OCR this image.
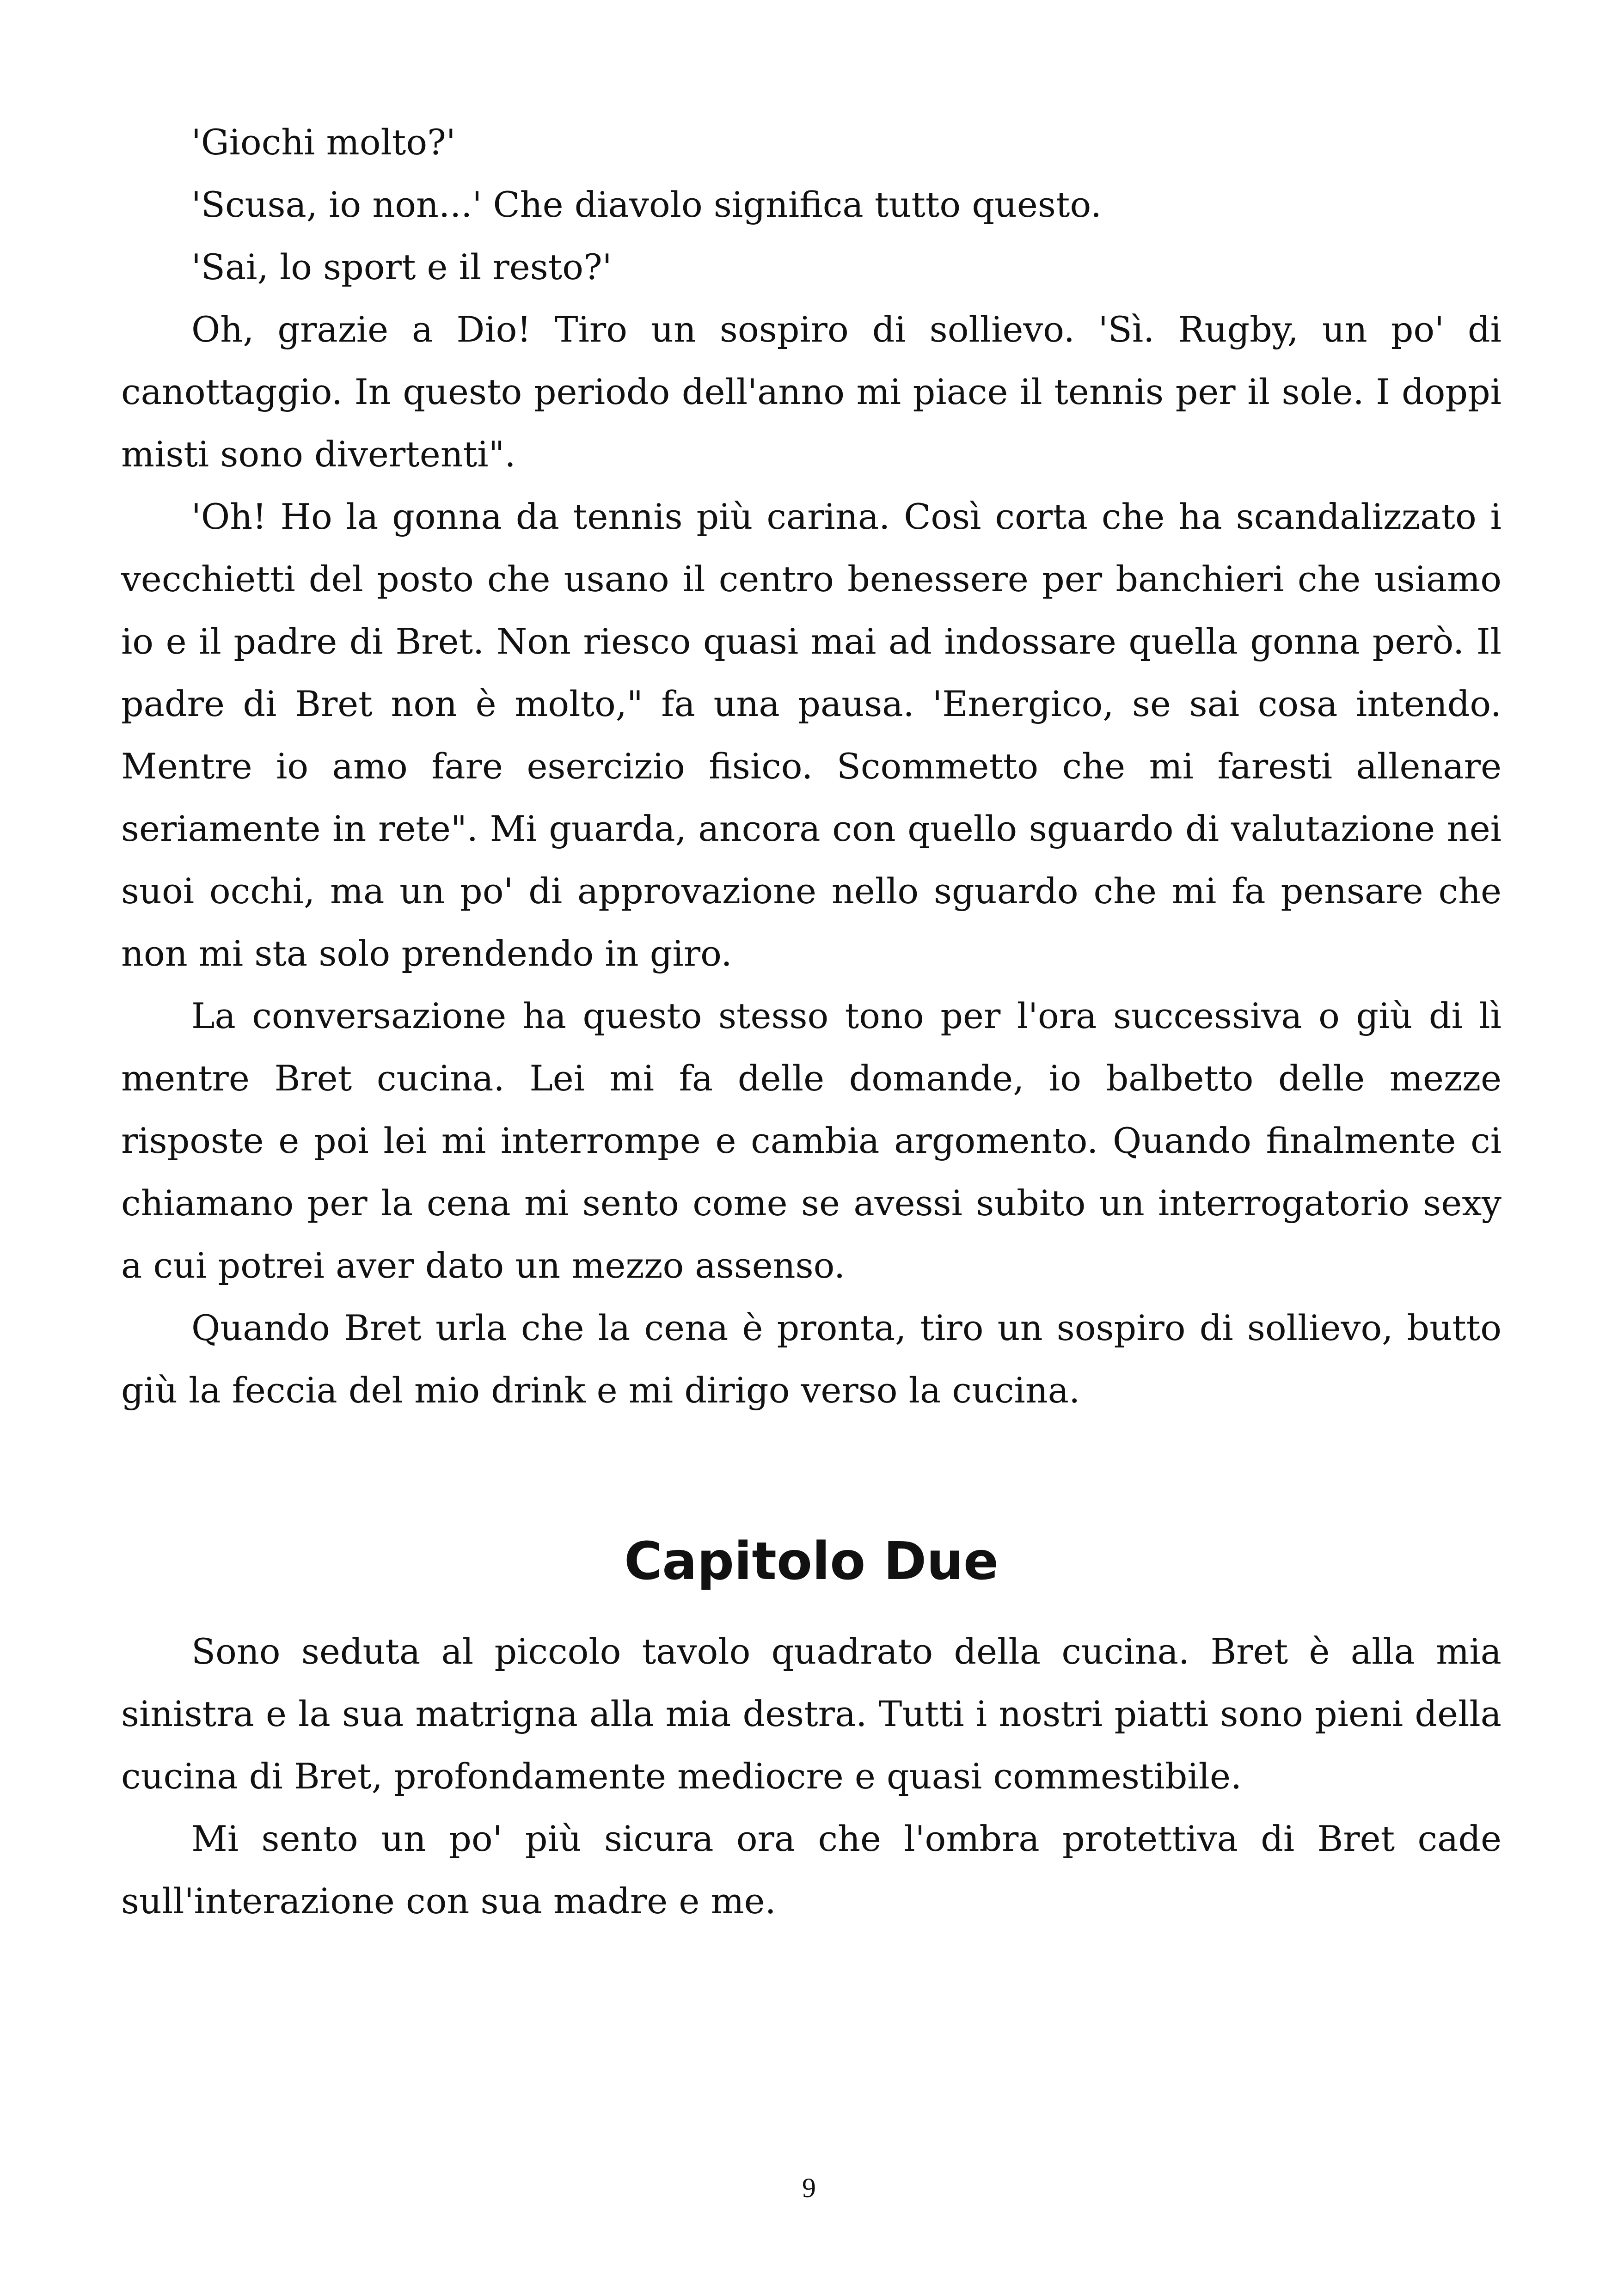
'Giochi molto?'

'Scusa, io non...' Che diavolo significa tutto questo.

'Sai, lo sport e il resto?'

Oh, grazie a Dio! Tiro un sospiro di sollievo. 'Sì. Rugby, un po' di canottaggio. In questo periodo dell'anno mi piace il tennis per il sole. I doppi misti sono divertenti".

'Oh! Ho la gonna da tennis più carina. Così corta che ha scandalizzato i vecchietti del posto che usano il centro benessere per banchieri che usiamo io e il padre di Bret. Non riesco quasi mai ad indossare quella gonna però. Il padre di Bret non è molto," fa una pausa. 'Energico, se sai cosa intendo. Mentre io amo fare esercizio fisico. Scommetto che mi faresti allenare seriamente in rete". Mi guarda, ancora con quello sguardo di valutazione nei suoi occhi, ma un po' di approvazione nello sguardo che mi fa pensare che non mi sta solo prendendo in giro.

La conversazione ha questo stesso tono per l'ora successiva o giù di lì mentre Bret cucina. Lei mi fa delle domande, io balbetto delle mezze risposte e poi lei mi interrompe e cambia argomento. Quando finalmente ci chiamano per la cena mi sento come se avessi subito un interrogatorio sexy a cui potrei aver dato un mezzo assenso.

Quando Bret urla che la cena è pronta, tiro un sospiro di sollievo, butto giù la feccia del mio drink e mi dirigo verso la cucina.

Capitolo Due

Sono seduta al piccolo tavolo quadrato della cucina. Bret è alla mia sinistra e la sua matrigna alla mia destra. Tutti i nostri piatti sono pieni della cucina di Bret, profondamente mediocre e quasi commestibile.

Mi sento un po' più sicura ora che l'ombra protettiva di Bret cade sull'interazione con sua madre e me.

9
